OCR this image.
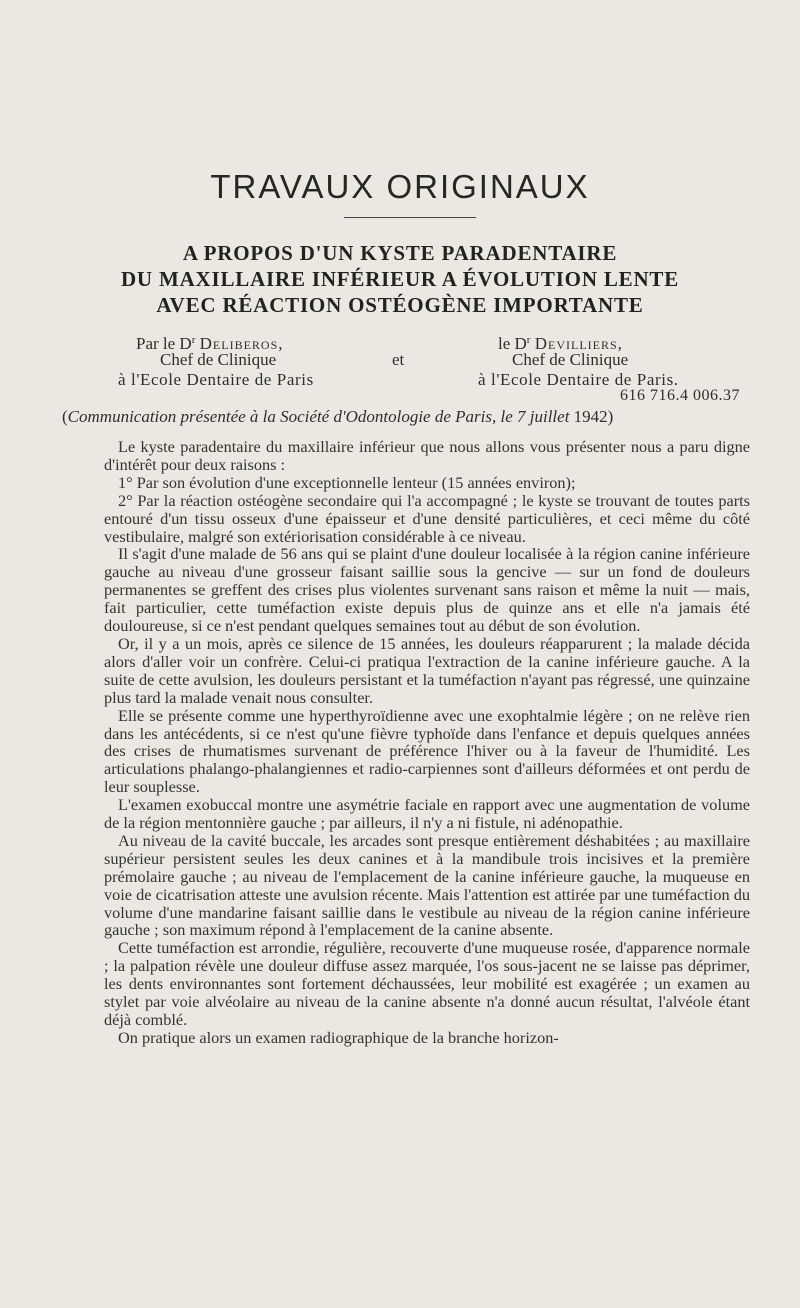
TRAVAUX ORIGINAUX
A PROPOS D'UN KYSTE PARADENTAIRE
DU MAXILLAIRE INFÉRIEUR A ÉVOLUTION LENTE
AVEC RÉACTION OSTÉOGÈNE IMPORTANTE
Par le $D^r$ Deliberos,
Chef de Clinique
à l'Ecole Dentaire de Paris
et
le $D^r$ Devilliers,
Chef de Clinique
à l'Ecole Dentaire de Paris.
616 716.4 006.37
(Communication présentée à la Société d'Odontologie de Paris, le 7 juillet 1942)

Le kyste paradentaire du maxillaire inférieur que nous allons vous présenter nous a paru digne d'intérêt pour deux raisons :

1° Par son évolution d'une exceptionnelle lenteur (15 années environ);

2° Par la réaction ostéogène secondaire qui l'a accompagné ; le kyste se trouvant de toutes parts entouré d'un tissu osseux d'une épaisseur et d'une densité particulières, et ceci même du côté vestibulaire, malgré son extériorisation considérable à ce niveau.

Il s'agit d'une malade de 56 ans qui se plaint d'une douleur localisée à la région canine inférieure gauche au niveau d'une grosseur faisant saillie sous la gencive — sur un fond de douleurs permanentes se greffent des crises plus violentes survenant sans raison et même la nuit — mais, fait particulier, cette tuméfaction existe depuis plus de quinze ans et elle n'a jamais été douloureuse, si ce n'est pendant quelques semaines tout au début de son évolution.

Or, il y a un mois, après ce silence de 15 années, les douleurs réapparurent ; la malade décida alors d'aller voir un confrère. Celui-ci pratiqua l'extraction de la canine inférieure gauche. A la suite de cette avulsion, les douleurs persistant et la tuméfaction n'ayant pas régressé, une quinzaine plus tard la malade venait nous consulter.

Elle se présente comme une hyperthyroïdienne avec une exophtalmie légère ; on ne relève rien dans les antécédents, si ce n'est qu'une fièvre typhoïde dans l'enfance et depuis quelques années des crises de rhumatismes survenant de préférence l'hiver ou à la faveur de l'humidité. Les articulations phalango-phalangiennes et radio-carpiennes sont d'ailleurs déformées et ont perdu de leur souplesse.

L'examen exobuccal montre une asymétrie faciale en rapport avec une augmentation de volume de la région mentonnière gauche ; par ailleurs, il n'y a ni fistule, ni adénopathie.

Au niveau de la cavité buccale, les arcades sont presque entièrement déshabitées ; au maxillaire supérieur persistent seules les deux canines et à la mandibule trois incisives et la première prémolaire gauche ; au niveau de l'emplacement de la canine inférieure gauche, la muqueuse en voie de cicatrisation atteste une avulsion récente. Mais l'attention est attirée par une tuméfaction du volume d'une mandarine faisant saillie dans le vestibule au niveau de la région canine inférieure gauche ; son maximum répond à l'emplacement de la canine absente.

Cette tuméfaction est arrondie, régulière, recouverte d'une muqueuse rosée, d'apparence normale ; la palpation révèle une douleur diffuse assez marquée, l'os sous-jacent ne se laisse pas déprimer, les dents environnantes sont fortement déchaussées, leur mobilité est exagérée ; un examen au stylet par voie alvéolaire au niveau de la canine absente n'a donné aucun résultat, l'alvéole étant déjà comblé.

On pratique alors un examen radiographique de la branche horizon-
